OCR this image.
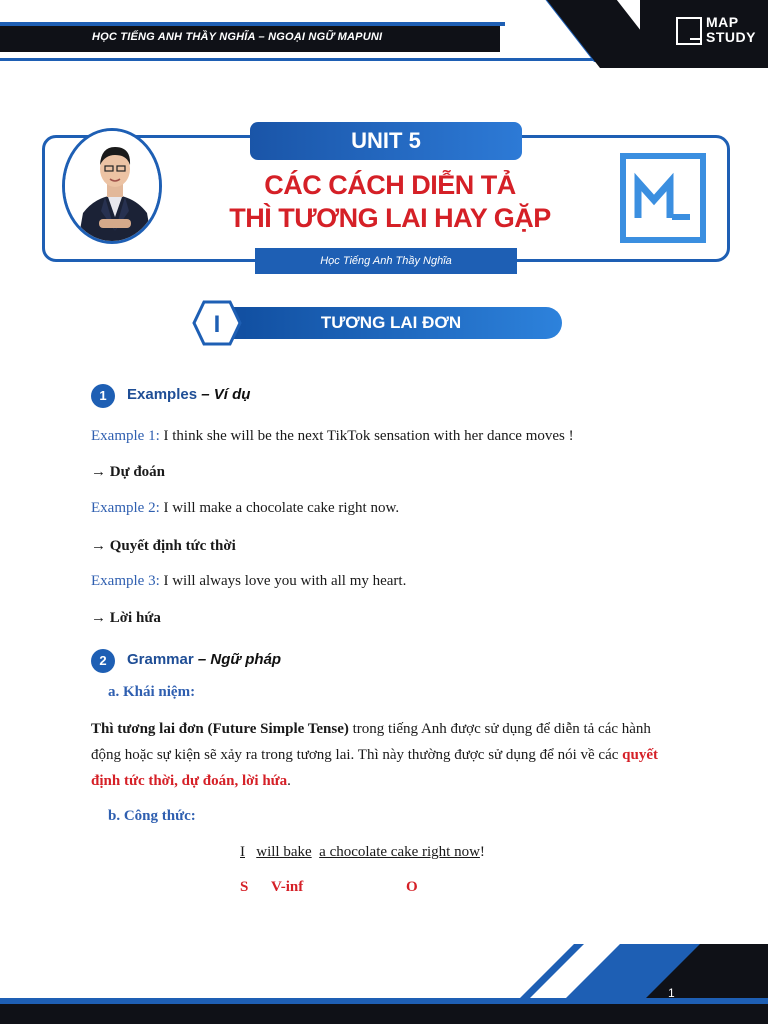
HỌC TIẾNG ANH THẦY NGHĨA – NGOẠI NGỮ MAPUNI
MAP
STUDY
UNIT 5
CÁC CÁCH DIỄN TẢ
THÌ TƯƠNG LAI HAY GẶP
Học Tiếng Anh Thầy Nghĩa
TƯƠNG LAI ĐƠN
I
1	Examples – Ví dụ
Example 1: I think she will be the next TikTok sensation with her dance moves !
→ Dự đoán
Example 2: I will make a chocolate cake right now.
→ Quyết định tức thời
Example 3: I will always love you with all my heart.
→ Lời hứa
2	Grammar – Ngữ pháp
a. Khái niệm:
Thì tương lai đơn (Future Simple Tense) trong tiếng Anh được sử dụng để diễn tả các hành động hoặc sự kiện sẽ xảy ra trong tương lai. Thì này thường được sử dụng để nói về các quyết định tức thời, dự đoán, lời hứa.
b. Công thức:
I will bake a chocolate cake right now!
S V-inf	O
1
